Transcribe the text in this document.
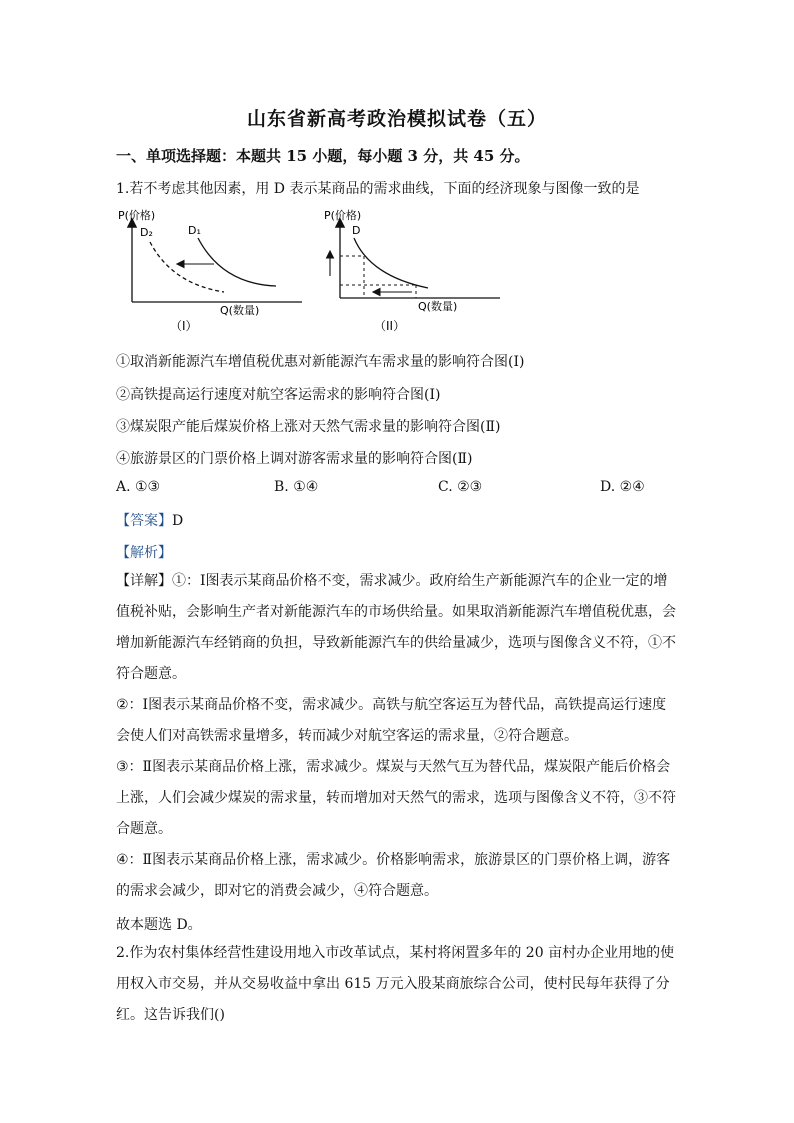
山东省新高考政治模拟试卷（五）
一、单项选择题：本题共 15 小题，每小题 3 分，共 45 分。
1.若不考虑其他因素，用 D 表示某商品的需求曲线，下面的经济现象与图像一致的是
P(价格)
D₂	D₁
Q(数量)
（I）
P(价格)
D
Q(数量)
（II）
①取消新能源汽车增值税优惠对新能源汽车需求量的影响符合图(I)
②高铁提高运行速度对航空客运需求的影响符合图(I)
③煤炭限产能后煤炭价格上涨对天然气需求量的影响符合图(Ⅱ)
④旅游景区的门票价格上调对游客需求量的影响符合图(Ⅱ)
A. ①③	B. ①④	C. ②③	D. ②④
【答案】D
【解析】
【详解】①：Ⅰ图表示某商品价格不变，需求减少。政府给生产新能源汽车的企业一定的增值税补贴，会影响生产者对新能源汽车的市场供给量。如果取消新能源汽车增值税优惠，会增加新能源汽车经销商的负担，导致新能源汽车的供给量减少，选项与图像含义不符，①不符合题意。
②：Ⅰ图表示某商品价格不变，需求减少。高铁与航空客运互为替代品，高铁提高运行速度会使人们对高铁需求量增多，转而减少对航空客运的需求量，②符合题意。
③：Ⅱ图表示某商品价格上涨，需求减少。煤炭与天然气互为替代品，煤炭限产能后价格会上涨，人们会减少煤炭的需求量，转而增加对天然气的需求，选项与图像含义不符，③不符合题意。
④：Ⅱ图表示某商品价格上涨，需求减少。价格影响需求，旅游景区的门票价格上调，游客的需求会减少，即对它的消费会减少，④符合题意。
故本题选 D。
2.作为农村集体经营性建设用地入市改革试点，某村将闲置多年的 20 亩村办企业用地的使用权入市交易，并从交易收益中拿出 615 万元入股某商旅综合公司，使村民每年获得了分红。这告诉我们()
